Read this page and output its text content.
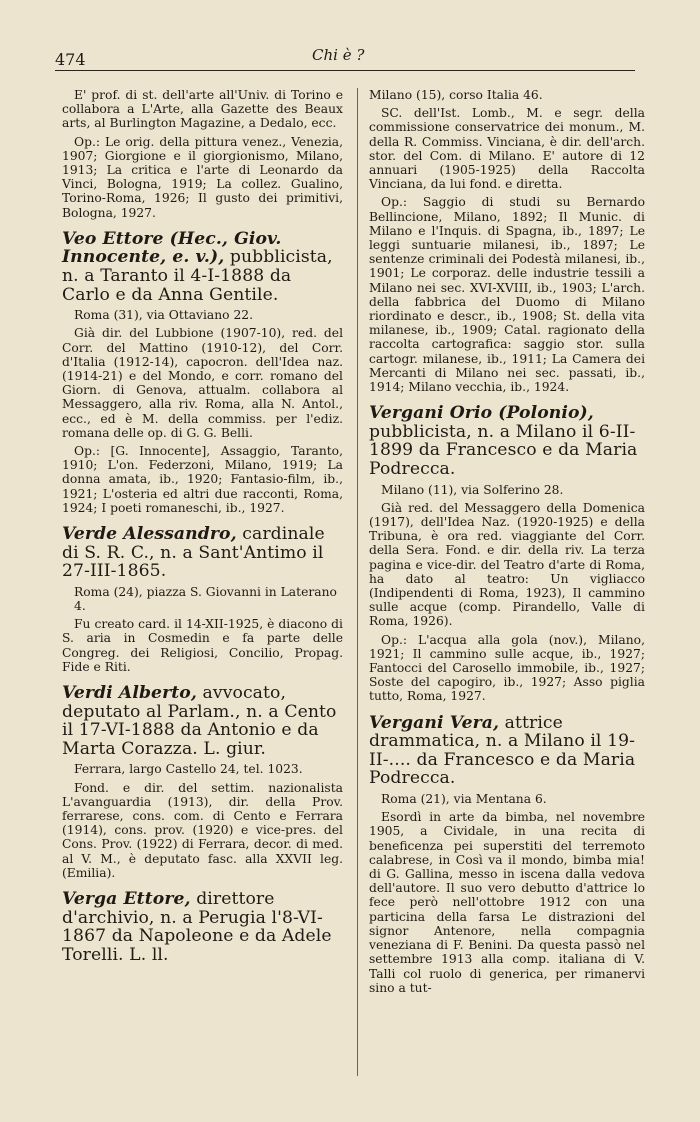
474	Chi è ?

E' prof. di st. dell'arte all'Univ. di Torino e collabora a L'Arte, alla Gazette des Beaux arts, al Burlington Magazine, a Dedalo, ecc.

Op.: Le orig. della pittura venez., Venezia, 1907; Giorgione e il giorgionismo, Milano, 1913; La critica e l'arte di Leonardo da Vinci, Bologna, 1919; La collez. Gualino, Torino-Roma, 1926; Il gusto dei primitivi, Bologna, 1927.

Veo Ettore (Hec., Giov. Innocente, e. v.), pubblicista, n. a Taranto il 4-I-1888 da Carlo e da Anna Gentile.

Roma (31), via Ottaviano 22.

Già dir. del Lubbione (1907-10), red. del Corr. del Mattino (1910-12), del Corr. d'Italia (1912-14), capocron. dell'Idea naz. (1914-21) e del Mondo, e corr. romano del Giorn. di Genova, attualm. collabora al Messaggero, alla riv. Roma, alla N. Antol., ecc., ed è M. della commiss. per l'ediz. romana delle op. di G. G. Belli.

Op.: [G. Innocente], Assaggio, Taranto, 1910; L'on. Federzoni, Milano, 1919; La donna amata, ib., 1920; Fantasio-film, ib., 1921; L'osteria ed altri due racconti, Roma, 1924; I poeti romaneschi, ib., 1927.

Verde Alessandro, cardinale di S. R. C., n. a Sant'Antimo il 27-III-1865.

Roma (24), piazza S. Giovanni in Laterano 4.

Fu creato card. il 14-XII-1925, è diacono di S. aria in Cosmedin e fa parte delle Congreg. dei Religiosi, Concilio, Propag. Fide e Riti.

Verdi Alberto, avvocato, deputato al Parlam., n. a Cento il 17-VI-1888 da Antonio e da Marta Corazza. L. giur.

Ferrara, largo Castello 24, tel. 1023.

Fond. e dir. del settim. nazionalista L'avanguardia (1913), dir. della Prov. ferrarese, cons. com. di Cento e Ferrara (1914), cons. prov. (1920) e vice-pres. del Cons. Prov. (1922) di Ferrara, decor. di med. al V. M., è deputato fasc. alla XXVII leg. (Emilia).

Verga Ettore, direttore d'archivio, n. a Perugia l'8-VI-1867 da Napoleone e da Adele Torelli. L. ll.

Milano (15), corso Italia 46.

SC. dell'Ist. Lomb., M. e segr. della commissione conservatrice dei monum., M. della R. Commiss. Vinciana, è dir. dell'arch. stor. del Com. di Milano. E' autore di 12 annuari (1905-1925) della Raccolta Vinciana, da lui fond. e diretta.

Op.: Saggio di studi su Bernardo Bellincione, Milano, 1892; Il Munic. di Milano e l'Inquis. di Spagna, ib., 1897; Le leggi suntuarie milanesi, ib., 1897; Le sentenze criminali dei Podestà milanesi, ib., 1901; Le corporaz. delle industrie tessili a Milano nei sec. XVI-XVIII, ib., 1903; L'arch. della fabbrica del Duomo di Milano riordinato e descr., ib., 1908; St. della vita milanese, ib., 1909; Catal. ragionato della raccolta cartografica: saggio stor. sulla cartogr. milanese, ib., 1911; La Camera dei Mercanti di Milano nei sec. passati, ib., 1914; Milano vecchia, ib., 1924.

Vergani Orio (Polonio), pubblicista, n. a Milano il 6-II-1899 da Francesco e da Maria Podrecca.

Milano (11), via Solferino 28.

Già red. del Messaggero della Domenica (1917), dell'Idea Naz. (1920-1925) e della Tribuna, è ora red. viaggiante del Corr. della Sera. Fond. e dir. della riv. La terza pagina e vice-dir. del Teatro d'arte di Roma, ha dato al teatro: Un vigliacco (Indipendenti di Roma, 1923), Il cammino sulle acque (comp. Pirandello, Valle di Roma, 1926).

Op.: L'acqua alla gola (nov.), Milano, 1921; Il cammino sulle acque, ib., 1927; Fantocci del Carosello immobile, ib., 1927; Soste del capogiro, ib., 1927; Asso piglia tutto, Roma, 1927.

Vergani Vera, attrice drammatica, n. a Milano il 19-II-.... da Francesco e da Maria Podrecca.

Roma (21), via Mentana 6.

Esordì in arte da bimba, nel novembre 1905, a Cividale, in una recita di beneficenza pei superstiti del terremoto calabrese, in Così va il mondo, bimba mia! di G. Gallina, messo in iscena dalla vedova dell'autore. Il suo vero debutto d'attrice lo fece però nell'ottobre 1912 con una particina della farsa Le distrazioni del signor Antenore, nella compagnia veneziana di F. Benini. Da questa passò nel settembre 1913 alla comp. italiana di V. Talli col ruolo di generica, per rimanervi sino a tut-
